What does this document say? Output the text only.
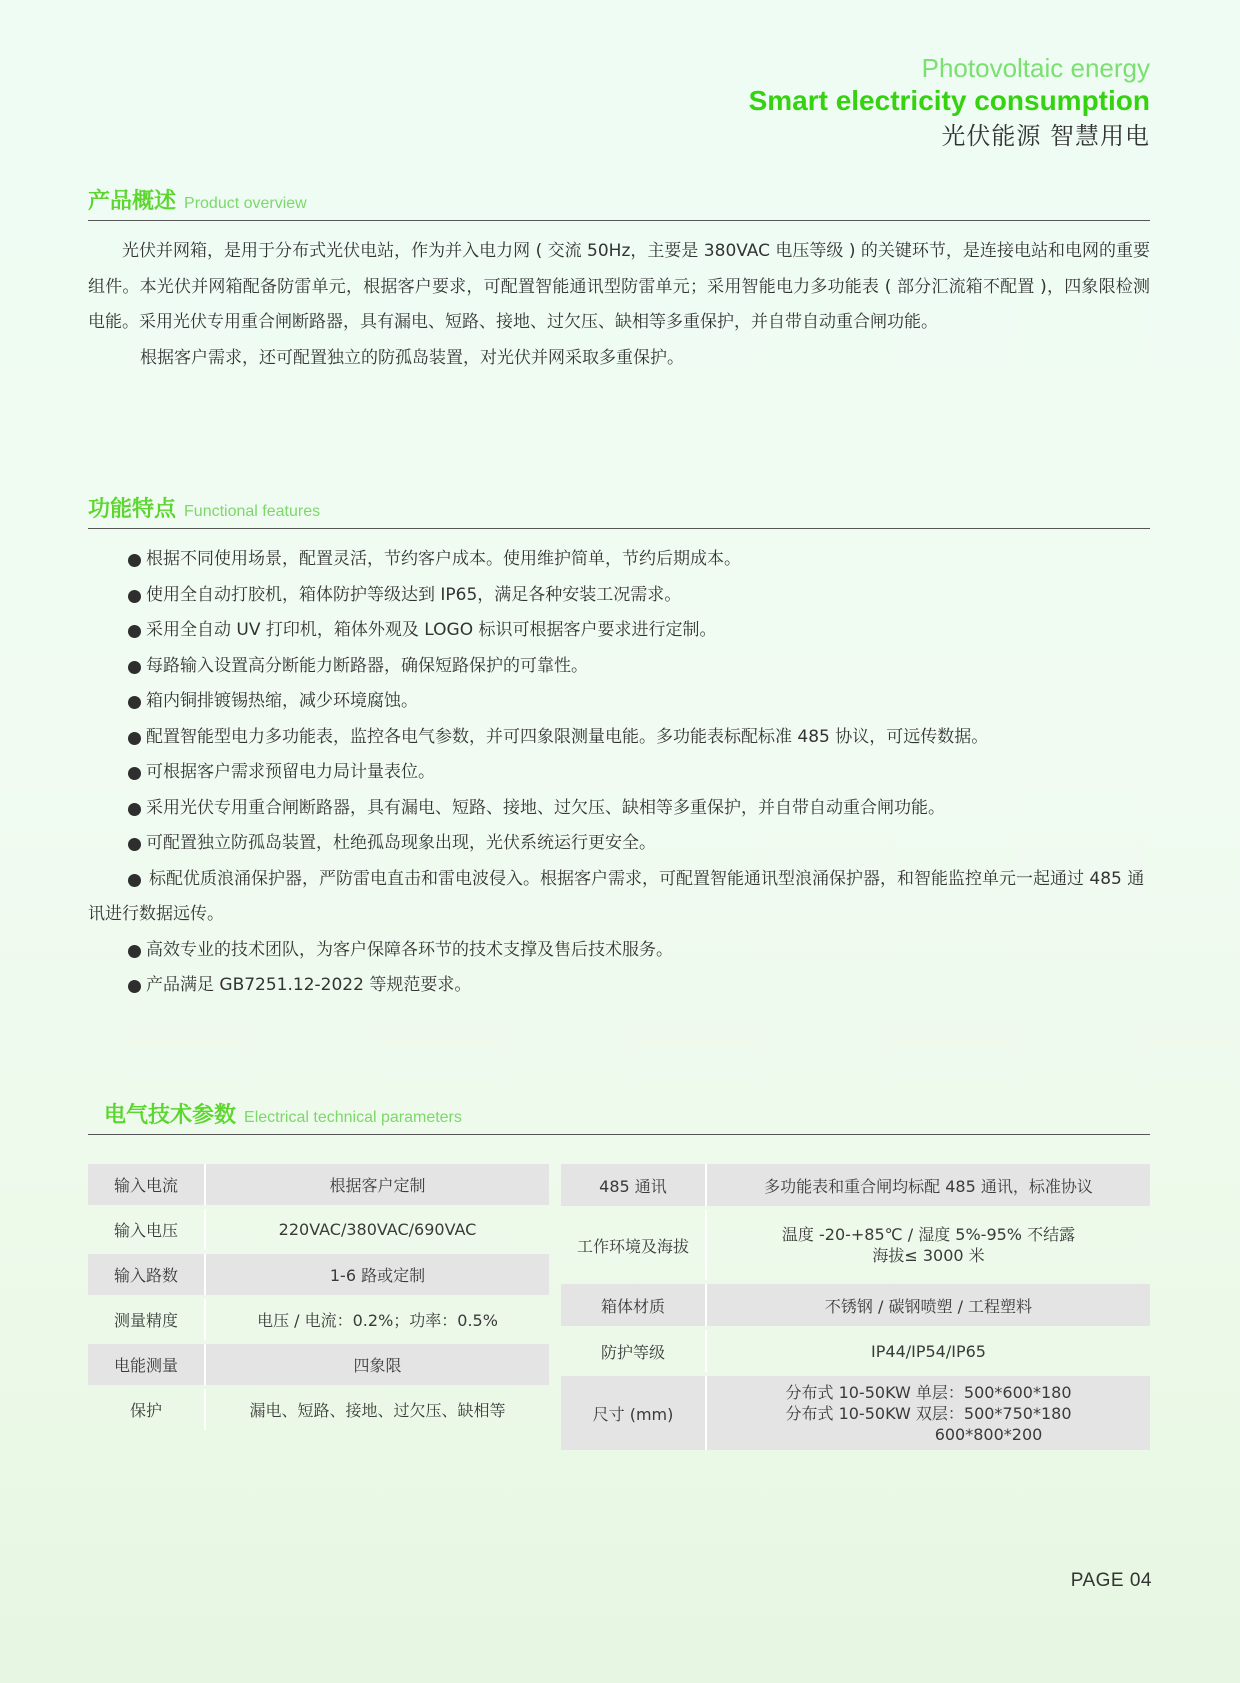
Photovoltaic energy
Smart electricity consumption
光伏能源 智慧用电
产品概述 Product overview

光伏并网箱，是用于分布式光伏电站，作为并入电力网 ( 交流 50Hz，主要是 380VAC 电压等级 ) 的关键环节，是连接电站和电网的重要组件。本光伏并网箱配备防雷单元，根据客户要求，可配置智能通讯型防雷单元；采用智能电力多功能表 ( 部分汇流箱不配置 )，四象限检测电能。采用光伏专用重合闸断路器，具有漏电、短路、接地、过欠压、缺相等多重保护，并自带自动重合闸功能。

根据客户需求，还可配置独立的防孤岛装置，对光伏并网采取多重保护。

功能特点 Functional features
根据不同使用场景，配置灵活，节约客户成本。使用维护简单，节约后期成本。
使用全自动打胶机，箱体防护等级达到 IP65，满足各种安装工况需求。
采用全自动 UV 打印机，箱体外观及 LOGO 标识可根据客户要求进行定制。
每路输入设置高分断能力断路器，确保短路保护的可靠性。
箱内铜排镀锡热缩，减少环境腐蚀。
配置智能型电力多功能表，监控各电气参数，并可四象限测量电能。多功能表标配标准 485 协议，可远传数据。
可根据客户需求预留电力局计量表位。
采用光伏专用重合闸断路器，具有漏电、短路、接地、过欠压、缺相等多重保护，并自带自动重合闸功能。
可配置独立防孤岛装置，杜绝孤岛现象出现，光伏系统运行更安全。
标配优质浪涌保护器，严防雷电直击和雷电波侵入。根据客户需求，可配置智能通讯型浪涌保护器，和智能监控单元一起通过 485 通讯进行数据远传。
高效专业的技术团队，为客户保障各环节的技术支撑及售后技术服务。
产品满足 GB7251.12-2022 等规范要求。
电气技术参数 Electrical technical parameters
输入电流	根据客户定制
输入电压	220VAC/380VAC/690VAC
输入路数	1-6 路或定制
测量精度	电压 / 电流：0.2%；功率：0.5%
电能测量	四象限
保护	漏电、短路、接地、过欠压、缺相等
485 通讯	多功能表和重合闸均标配 485 通讯，标准协议

工作环境及海拔	温度 -20-+85℃ / 湿度 5%-95% 不结露
海拔≤ 3000 米

箱体材质	不锈钢 / 碳钢喷塑 / 工程塑料

防护等级	IP44/IP54/IP65

尺寸 (mm)	分布式 10-50KW 单层：500*600*180
分布式 10-50KW 双层：500*750*180
600*800*200
PAGE 04
